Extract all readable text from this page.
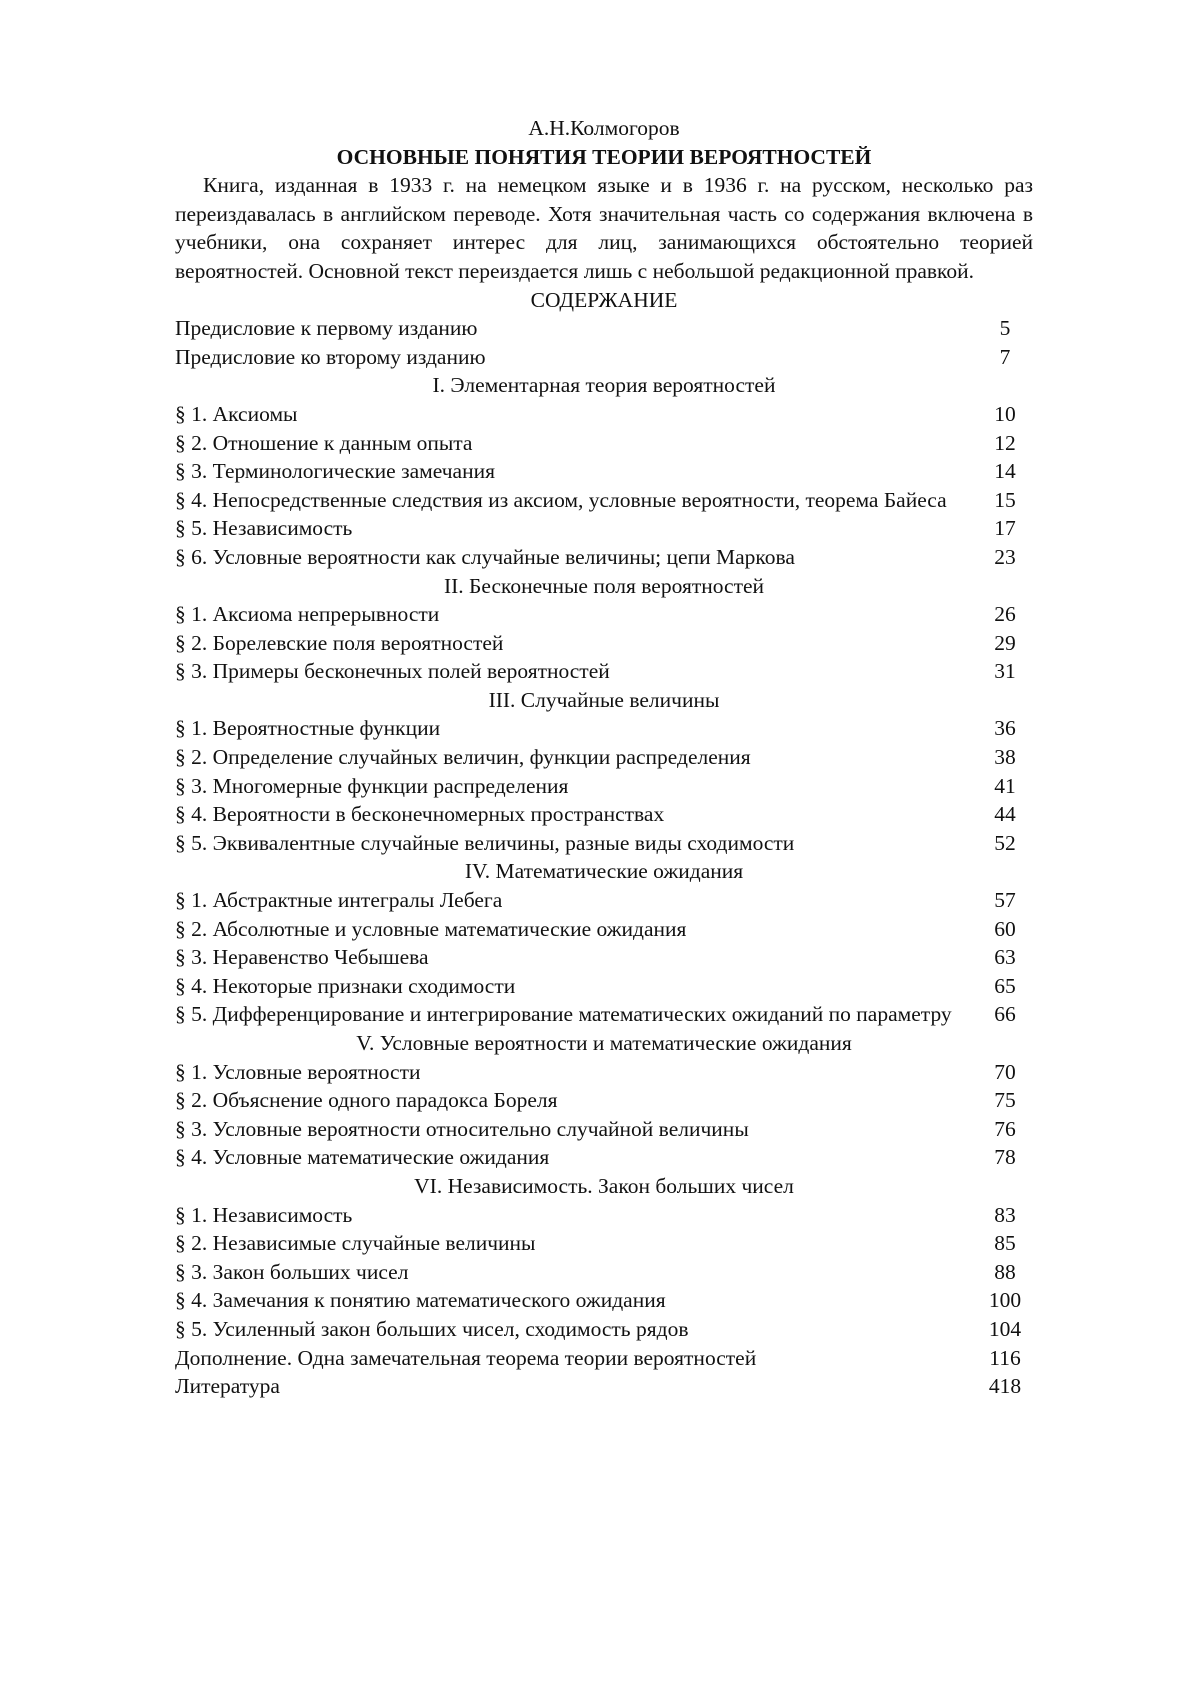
А.Н.Колмогоров

ОСНОВНЫЕ ПОНЯТИЯ ТЕОРИИ ВЕРОЯТНОСТЕЙ

Книга, изданная в 1933 г. на немецком языке и в 1936 г. на русском, несколько раз переиздавалась в английском переводе. Хотя значительная часть со содержания включена в учебники, она сохраняет интерес для лиц, занимающихся обстоятельно теорией вероятностей. Основной текст переиздается лишь с небольшой редакционной правкой.

СОДЕРЖАНИЕ

Предисловие к первому изданию	5
Предисловие ко второму изданию	7
I. Элементарная теория вероятностей
§ 1. Аксиомы	10
§ 2. Отношение к данным опыта	12
§ 3. Терминологические замечания	14
§ 4. Непосредственные следствия из аксиом, условные вероятности, теорема Байеса	15
§ 5. Независимость	17
§ 6. Условные вероятности как случайные величины; цепи Маркова	23
II. Бесконечные поля вероятностей
§ 1. Аксиома непрерывности	26
§ 2. Борелевские поля вероятностей	29
§ 3. Примеры бесконечных полей вероятностей	31
III. Случайные величины
§ 1. Вероятностные функции	36
§ 2. Определение случайных величин, функции распределения	38
§ 3. Многомерные функции распределения	41
§ 4. Вероятности в бесконечномерных пространствах	44
§ 5. Эквивалентные случайные величины, разные виды сходимости	52
IV. Математические ожидания
§ 1. Абстрактные интегралы Лебега	57
§ 2. Абсолютные и условные математические ожидания	60
§ 3. Неравенство Чебышева	63
§ 4. Некоторые признаки сходимости	65
§ 5. Дифференцирование и интегрирование математических ожиданий по параметру	66
V. Условные вероятности и математические ожидания
§ 1. Условные вероятности	70
§ 2. Объяснение одного парадокса Бореля	75
§ 3. Условные вероятности относительно случайной величины	76
§ 4. Условные математические ожидания	78
VI. Независимость. Закон больших чисел
§ 1. Независимость	83
§ 2. Независимые случайные величины	85
§ 3. Закон больших чисел	88
§ 4. Замечания к понятию математического ожидания	100
§ 5. Усиленный закон больших чисел, сходимость рядов	104
Дополнение. Одна замечательная теорема теории вероятностей	116
Литература	418
